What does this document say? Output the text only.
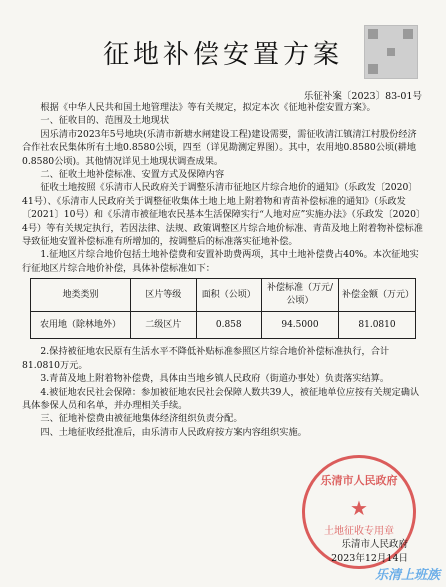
征地补偿安置方案
乐征补案〔2023〕83-01号

根据《中华人民共和国土地管理法》等有关规定，拟定本次《征地补偿安置方案》。

一、征收目的、范围及土地现状

因乐清市2023年5号地块(乐清市新塘水闸建设工程)建设需要，需征收清江镇清江村股份经济合作社农民集体所有土地0.8580公顷，四至（详见勘测定界图）。其中，农用地0.8580公顷(耕地0.8580公顷)。其他情况详见土地现状调查成果。

二、征收土地补偿标准、安置方式及保障内容

征收土地按照《乐清市人民政府关于调整乐清市征地区片综合地价的通知》（乐政发〔2020〕41号）、《乐清市人民政府关于调整征收集体土地上地上附着物和青苗补偿标准的通知》（乐政发〔2021〕10号）和《乐清市被征地农民基本生活保障实行“人地对应”实施办法》（乐政发〔2020〕4号）等有关规定执行，若因法律、法规、政策调整区片综合地价标准、青苗及地上附着物补偿标准导致征地安置补偿标准有所增加的，按调整后的标准落实征地补偿。

1.征地区片综合地价包括土地补偿费和安置补助费两项，其中土地补偿费占40%。本次征地实行征地区片综合地价补偿，具体补偿标准如下：

地类类别	区片等级	面积（公顷）	补偿标准（万元/公顷）	补偿金额（万元）
农用地（除林地外）	二级区片	0.858	94.5000	81.0810

2.保持被征地农民原有生活水平不降低补贴标准参照区片综合地价补偿标准执行，合计81.0810万元。

3.青苗及地上附着物补偿费，具体由当地乡镇人民政府（街道办事处）负责落实结算。

4.被征地农民社会保障：参加被征地农民社会保障人数共39人，被征地单位应按有关规定确认具体参保人员和名单，并办理相关手续。

三、征地补偿费由被征地集体经济组织负责分配。

四、土地征收经批准后，由乐清市人民政府按方案内容组织实施。

乐清市人民政府
★
土地征收专用章
乐清市人民政府
2023年12月14日
乐清上班族
